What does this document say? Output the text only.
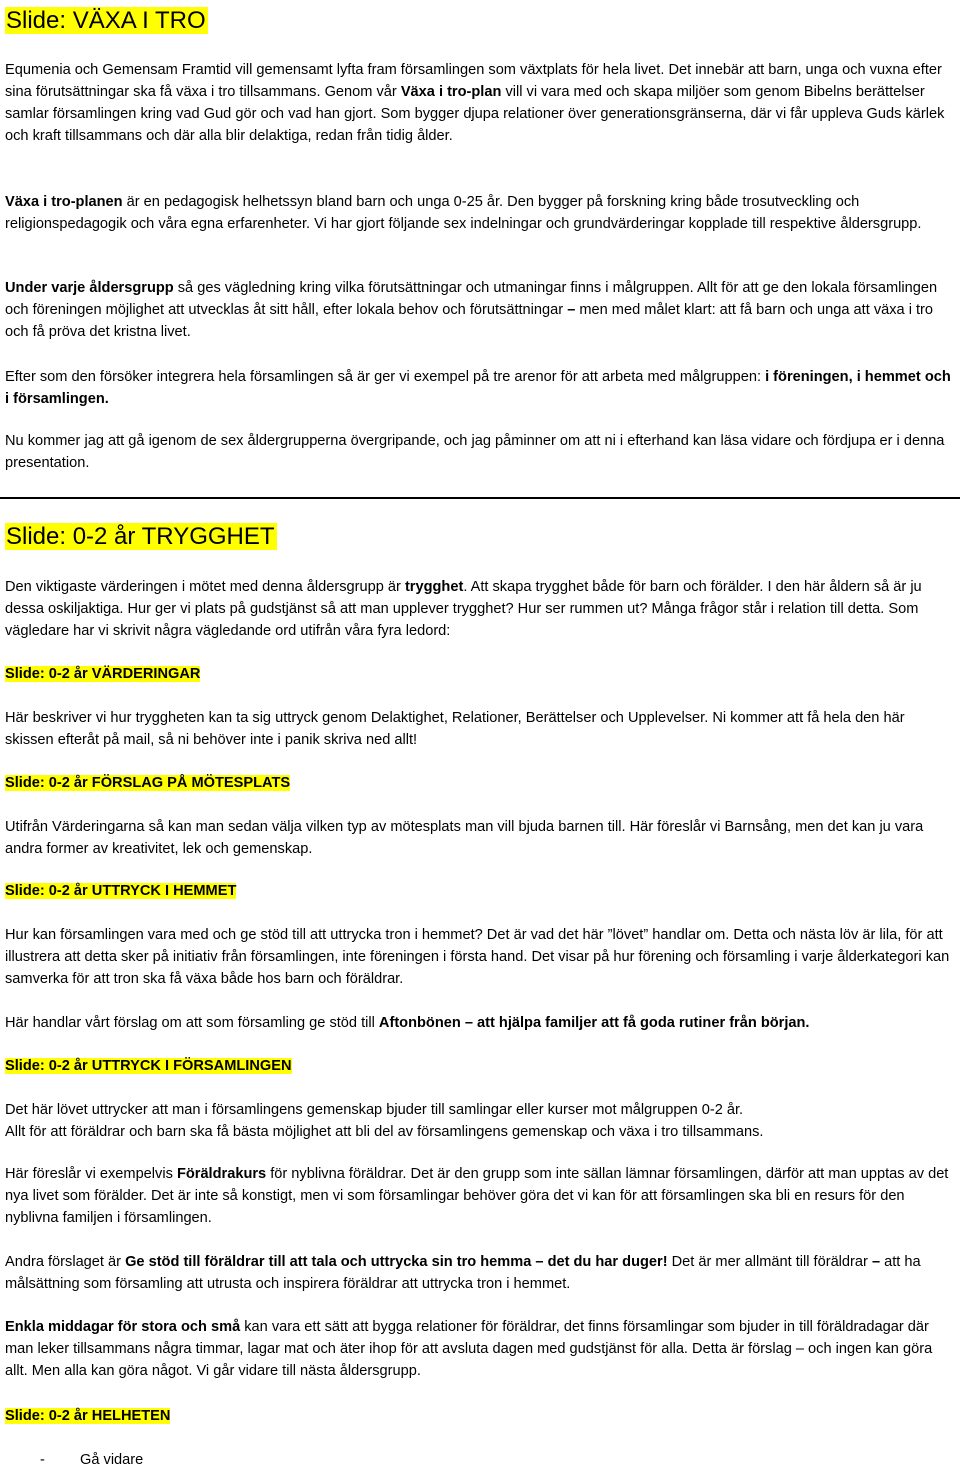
Slide: VÄXA I TRO

Equmenia och Gemensam Framtid vill gemensamt lyfta fram församlingen som växtplats för hela livet. Det innebär att barn, unga och vuxna efter sina förutsättningar ska få växa i tro tillsammans. Genom vår Växa i tro-plan vill vi vara med och skapa miljöer som genom Bibelns berättelser samlar församlingen kring vad Gud gör och vad han gjort. Som bygger djupa relationer över generationsgränserna, där vi får uppleva Guds kärlek och kraft tillsammans och där alla blir delaktiga, redan från tidig ålder.

Växa i tro-planen är en pedagogisk helhetssyn bland barn och unga 0-25 år. Den bygger på forskning kring både trosutveckling och religionspedagogik och våra egna erfarenheter. Vi har gjort följande sex indelningar och grundvärderingar kopplade till respektive åldersgrupp.

Under varje åldersgrupp så ges vägledning kring vilka förutsättningar och utmaningar finns i målgruppen. Allt för att ge den lokala församlingen och föreningen möjlighet att utvecklas åt sitt håll, efter lokala behov och förutsättningar – men med målet klart: att få barn och unga att växa i tro och få pröva det kristna livet.

Efter som den försöker integrera hela församlingen så är ger vi exempel på tre arenor för att arbeta med målgruppen: i föreningen, i hemmet och i församlingen.

Nu kommer jag att gå igenom de sex åldergrupperna övergripande, och jag påminner om att ni i efterhand kan läsa vidare och fördjupa er i denna presentation.

Slide: 0-2 år TRYGGHET

Den viktigaste värderingen i mötet med denna åldersgrupp är trygghet. Att skapa trygghet både för barn och förälder. I den här åldern så är ju dessa oskiljaktiga. Hur ger vi plats på gudstjänst så att man upplever trygghet? Hur ser rummen ut? Många frågor står i relation till detta. Som vägledare har vi skrivit några vägledande ord utifrån våra fyra ledord:

Slide: 0-2 år VÄRDERINGAR

Här beskriver vi hur tryggheten kan ta sig uttryck genom Delaktighet, Relationer, Berättelser och Upplevelser. Ni kommer att få hela den här skissen efteråt på mail, så ni behöver inte i panik skriva ned allt!

Slide: 0-2 år FÖRSLAG PÅ MÖTESPLATS

Utifrån Värderingarna så kan man sedan välja vilken typ av mötesplats man vill bjuda barnen till. Här föreslår vi Barnsång, men det kan ju vara andra former av kreativitet, lek och gemenskap.

Slide: 0-2 år UTTRYCK I HEMMET

Hur kan församlingen vara med och ge stöd till att uttrycka tron i hemmet? Det är vad det här ”lövet” handlar om. Detta och nästa löv är lila, för att illustrera att detta sker på initiativ från församlingen, inte föreningen i första hand. Det visar på hur förening och församling i varje ålderkategori kan samverka för att tron ska få växa både hos barn och föräldrar.

Här handlar vårt förslag om att som församling ge stöd till Aftonbönen – att hjälpa familjer att få goda rutiner från början.

Slide: 0-2 år UTTRYCK I FÖRSAMLINGEN

Det här lövet uttrycker att man i församlingens gemenskap bjuder till samlingar eller kurser mot målgruppen 0-2 år.

Allt för att föräldrar och barn ska få bästa möjlighet att bli del av församlingens gemenskap och växa i tro tillsammans.

Här föreslår vi exempelvis Föräldrakurs för nyblivna föräldrar. Det är den grupp som inte sällan lämnar församlingen, därför att man upptas av det nya livet som förälder. Det är inte så konstigt, men vi som församlingar behöver göra det vi kan för att församlingen ska bli en resurs för den nyblivna familjen i församlingen.

Andra förslaget är Ge stöd till föräldrar till att tala och uttrycka sin tro hemma – det du har duger! Det är mer allmänt till föräldrar – att ha målsättning som församling att utrusta och inspirera föräldrar att uttrycka tron i hemmet.

Enkla middagar för stora och små kan vara ett sätt att bygga relationer för föräldrar, det finns församlingar som bjuder in till föräldradagar där man leker tillsammans några timmar, lagar mat och äter ihop för att avsluta dagen med gudstjänst för alla. Detta är förslag – och ingen kan göra allt. Men alla kan göra något. Vi går vidare till nästa åldersgrupp.

Slide: 0-2 år HELHETEN
- Gå vidare
